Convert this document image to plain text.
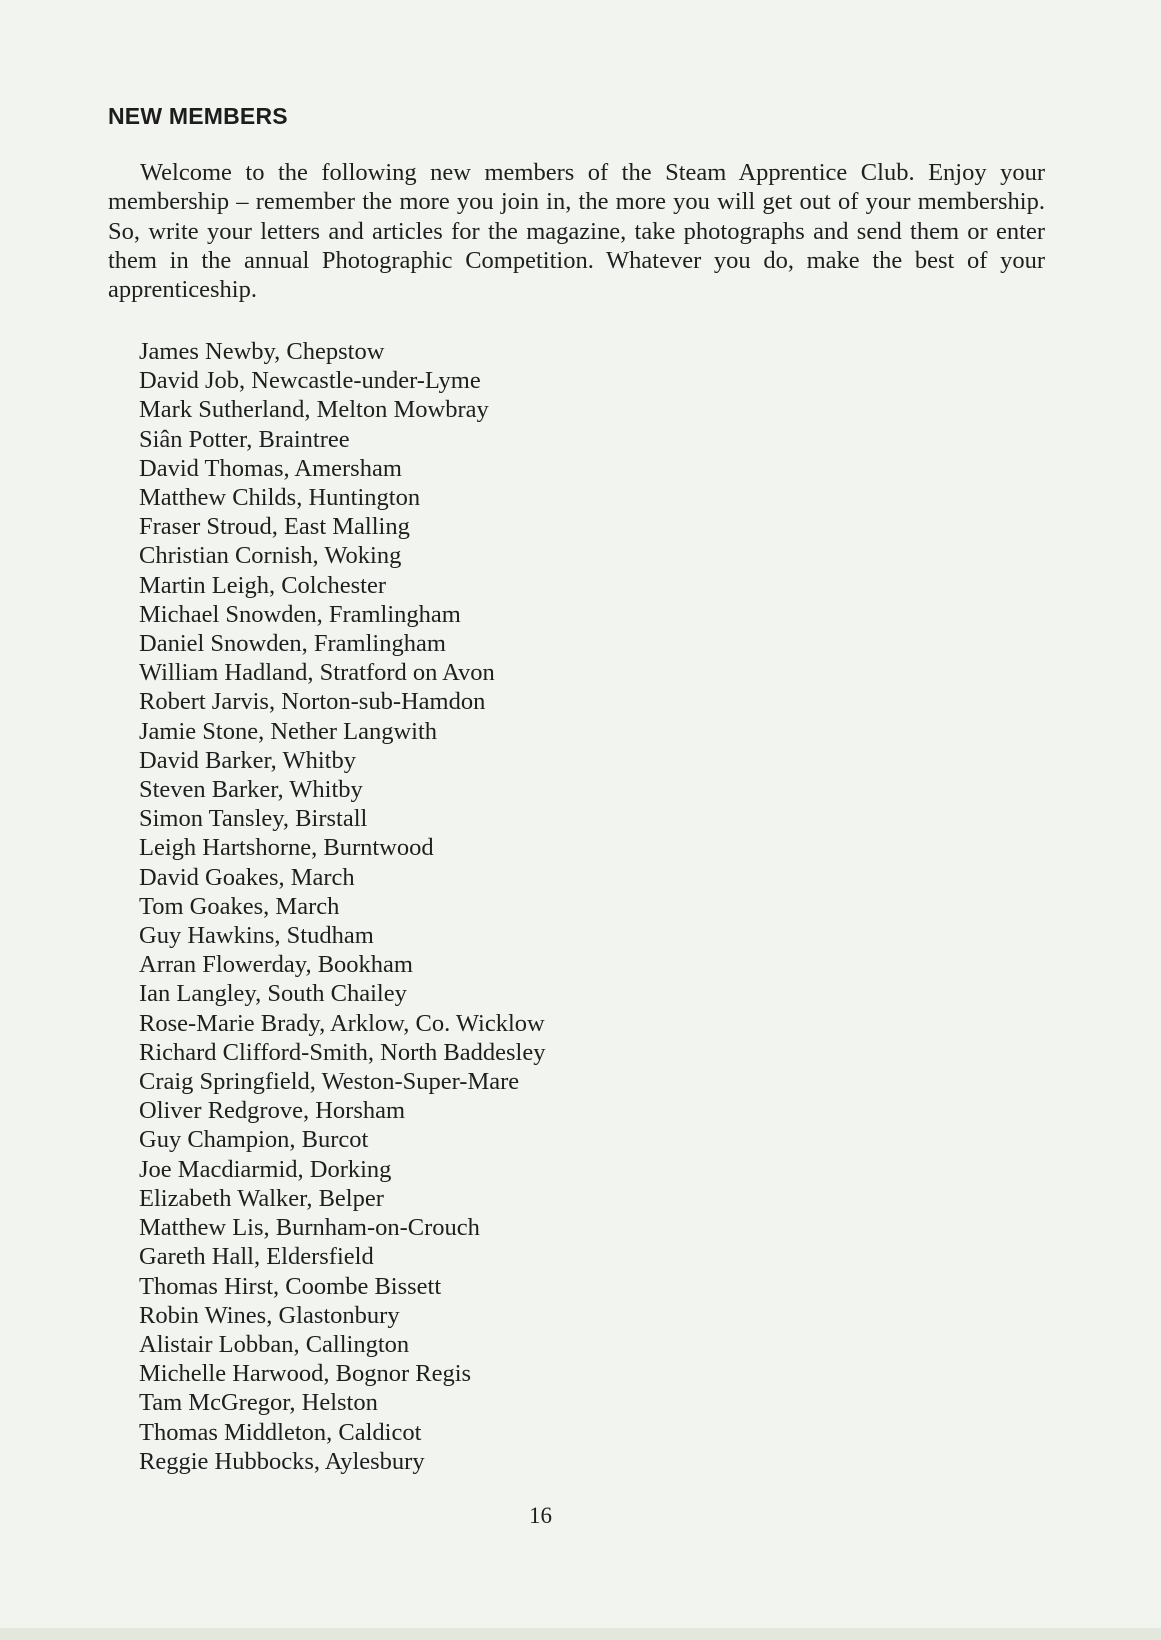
NEW MEMBERS

Welcome to the following new members of the Steam Apprentice Club. Enjoy your membership – remember the more you join in, the more you will get out of your membership. So, write your letters and articles for the magazine, take photographs and send them or enter them in the annual Photographic Competition. Whatever you do, make the best of your apprenticeship.

James Newby, Chepstow
David Job, Newcastle-under-Lyme
Mark Sutherland, Melton Mowbray
Siân Potter, Braintree
David Thomas, Amersham
Matthew Childs, Huntington
Fraser Stroud, East Malling
Christian Cornish, Woking
Martin Leigh, Colchester
Michael Snowden, Framlingham
Daniel Snowden, Framlingham
William Hadland, Stratford on Avon
Robert Jarvis, Norton-sub-Hamdon
Jamie Stone, Nether Langwith
David Barker, Whitby
Steven Barker, Whitby
Simon Tansley, Birstall
Leigh Hartshorne, Burntwood
David Goakes, March
Tom Goakes, March
Guy Hawkins, Studham
Arran Flowerday, Bookham
Ian Langley, South Chailey
Rose-Marie Brady, Arklow, Co. Wicklow
Richard Clifford-Smith, North Baddesley
Craig Springfield, Weston-Super-Mare
Oliver Redgrove, Horsham
Guy Champion, Burcot
Joe Macdiarmid, Dorking
Elizabeth Walker, Belper
Matthew Lis, Burnham-on-Crouch
Gareth Hall, Eldersfield
Thomas Hirst, Coombe Bissett
Robin Wines, Glastonbury
Alistair Lobban, Callington
Michelle Harwood, Bognor Regis
Tam McGregor, Helston
Thomas Middleton, Caldicot
Reggie Hubbocks, Aylesbury
16
